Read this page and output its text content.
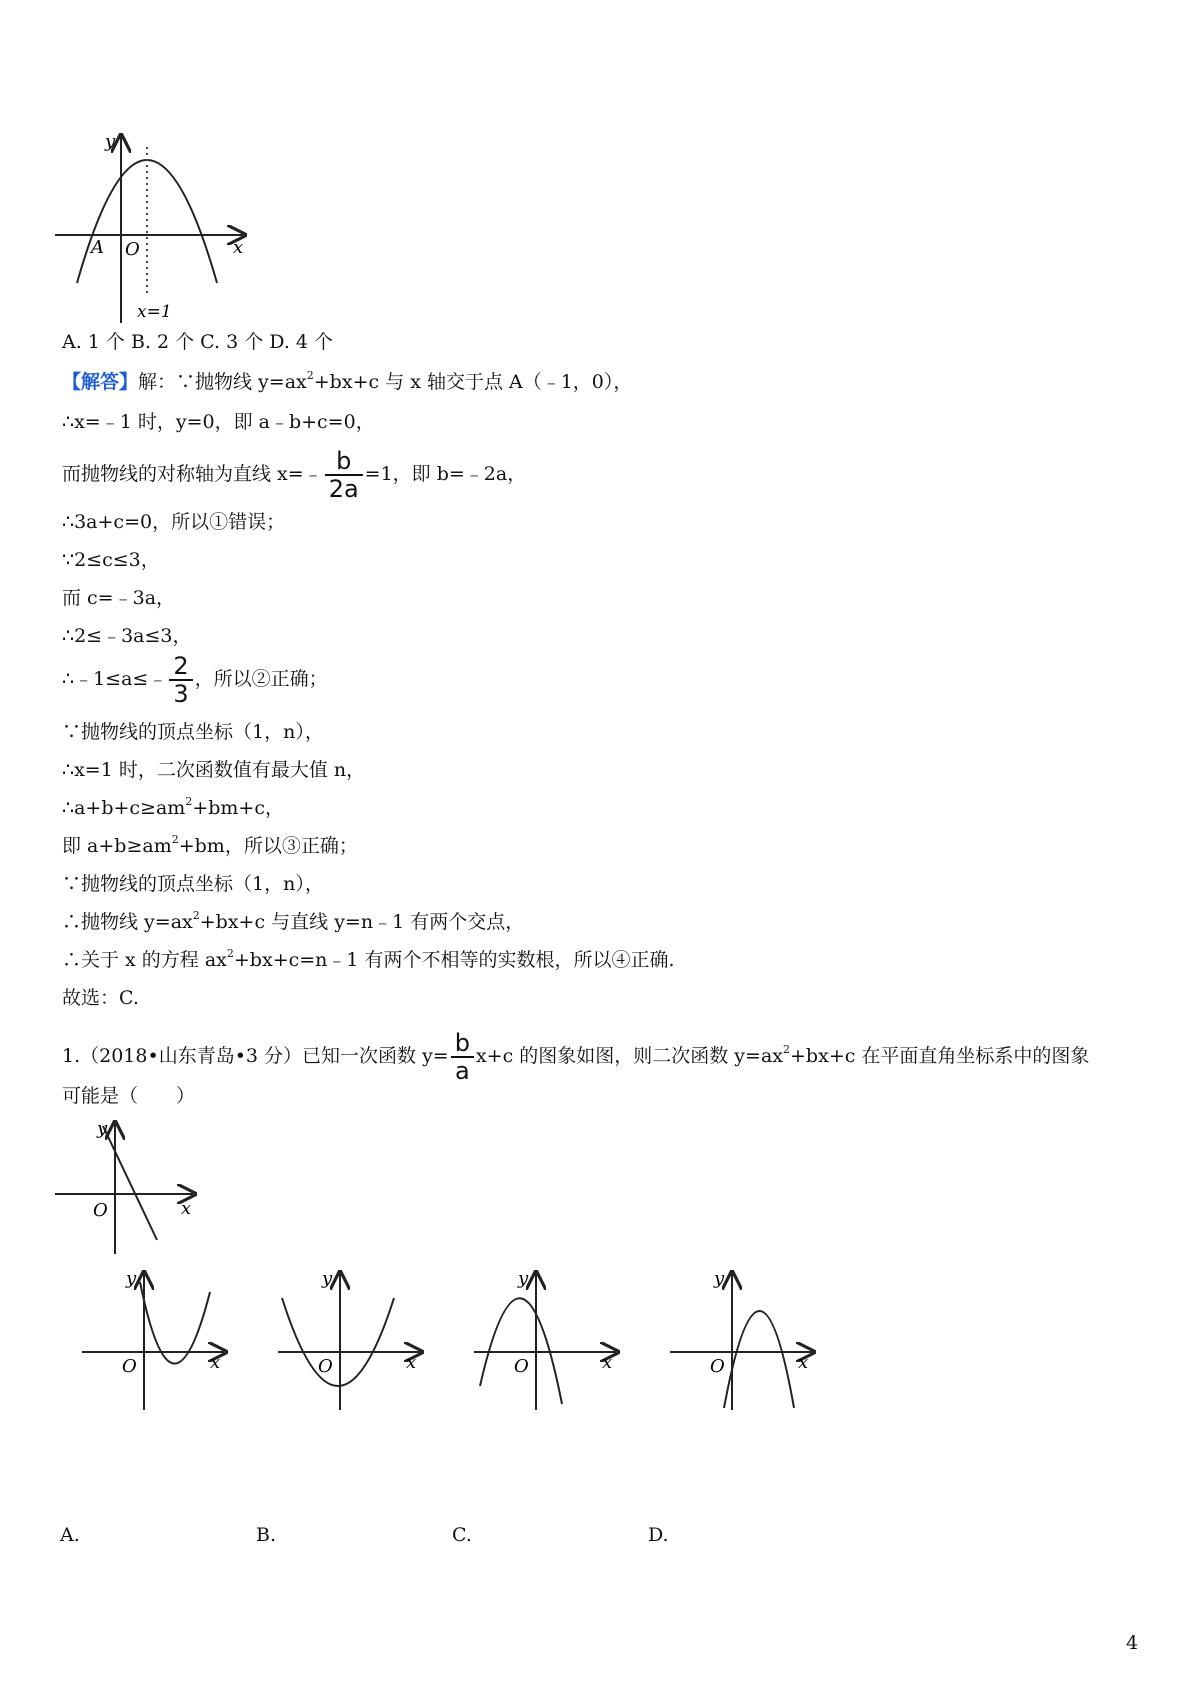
y
x
O
A
x=1
A. 1 个 B. 2 个 C. 3 个 D. 4 个
【解答】解：∵抛物线 $y=ax^2+bx+c$ 与 x 轴交于点 A（﹣1，0），
∴x=﹣1 时，y=0，即 a﹣b+c=0，
而抛物线的对称轴为直线 x=﹣ $\frac{b}{2a} =1$，即 b=﹣2a，
∴3a+c=0，所以①错误；
∵2≤c≤3，
而 c=﹣3a，
∴2≤﹣3a≤3，
∴﹣1≤a≤﹣ $\frac{2}{3}$ ，所以②正确；
∵抛物线的顶点坐标（1，n），
∴x=1 时，二次函数值有最大值 n，
$\therefore a+b+c\ge am^2+bm+c$，
即 $a+b\ge am^2+bm$，所以③正确；
∵抛物线的顶点坐标（1，n），
∴抛物线 $y=ax^2+bx+c$ 与直线 y=n﹣1 有两个交点，
∴关于 x 的方程 $ax^2+bx+c=n﹣1$ 有两个不相等的实数根，所以④正确.
故选：C.
1.（2018•山东青岛•3 分）已知一次函数 $y= \frac{b}{a} x+c$ 的图象如图，则二次函数 $y=ax^2+bx+c$ 在平面直角坐标系中的图象
可能是（　　）
y
x
O
y
x
O
y
x
O
y
x
O
y
x
O
A.	B.	C.	D.
4
